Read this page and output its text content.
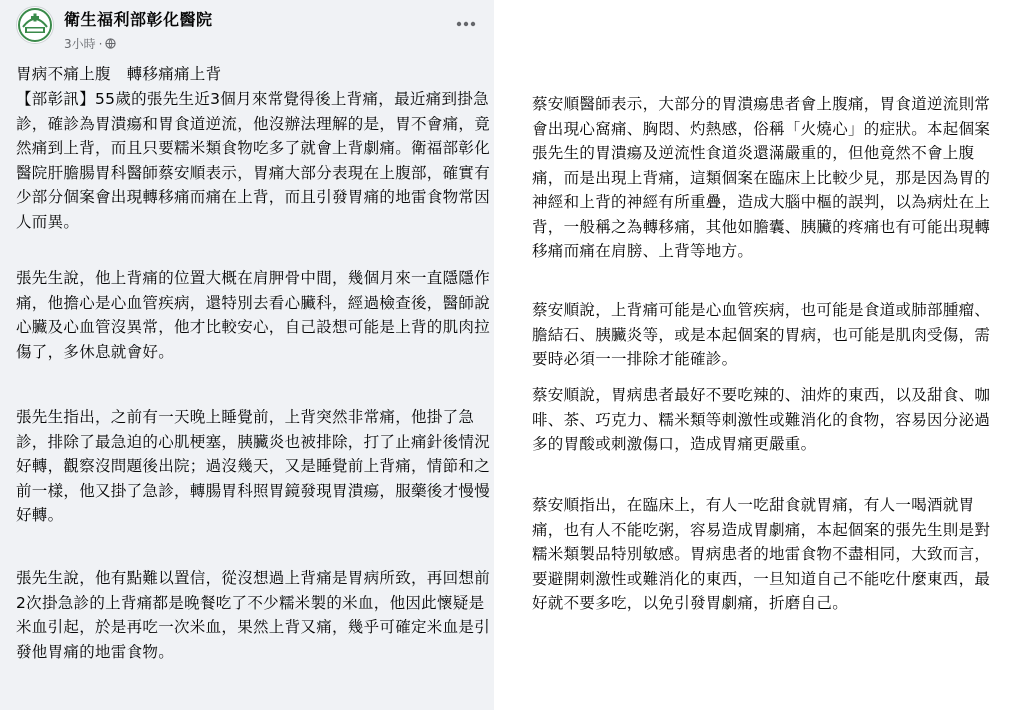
衛生福利部彰化醫院
3小時 ·

胃病不痛上腹　轉移痛痛上背

【部彰訊】55歲的張先生近3個月來常覺得後上背痛，最近痛到掛急診，確診為胃潰瘍和胃食道逆流，他沒辦法理解的是，胃不會痛，竟然痛到上背，而且只要糯米類食物吃多了就會上背劇痛。衛福部彰化醫院肝膽腸胃科醫師蔡安順表示，胃痛大部分表現在上腹部，確實有少部分個案會出現轉移痛而痛在上背，而且引發胃痛的地雷食物常因人而異。

張先生說，他上背痛的位置大概在肩胛骨中間，幾個月來一直隱隱作痛，他擔心是心血管疾病，還特別去看心臟科，經過檢查後，醫師說心臟及心血管沒異常，他才比較安心，自己設想可能是上背的肌肉拉傷了，多休息就會好。

張先生指出，之前有一天晚上睡覺前，上背突然非常痛，他掛了急診，排除了最急迫的心肌梗塞，胰臟炎也被排除，打了止痛針後情況好轉，觀察沒問題後出院；過沒幾天，又是睡覺前上背痛，情節和之前一樣，他又掛了急診，轉腸胃科照胃鏡發現胃潰瘍，服藥後才慢慢好轉。

張先生說，他有點難以置信，從沒想過上背痛是胃病所致，再回想前2次掛急診的上背痛都是晚餐吃了不少糯米製的米血，他因此懷疑是米血引起，於是再吃一次米血，果然上背又痛，幾乎可確定米血是引發他胃痛的地雷食物。

蔡安順醫師表示，大部分的胃潰瘍患者會上腹痛，胃食道逆流則常會出現心窩痛、胸悶、灼熱感，俗稱「火燒心」的症狀。本起個案張先生的胃潰瘍及逆流性食道炎還滿嚴重的，但他竟然不會上腹痛，而是出現上背痛，這類個案在臨床上比較少見，那是因為胃的神經和上背的神經有所重疊，造成大腦中樞的誤判，以為病灶在上背，一般稱之為轉移痛，其他如膽囊、胰臟的疼痛也有可能出現轉移痛而痛在肩膀、上背等地方。

蔡安順說，上背痛可能是心血管疾病，也可能是食道或肺部腫瘤、膽結石、胰臟炎等，或是本起個案的胃病，也可能是肌肉受傷，需要時必須一一排除才能確診。

蔡安順說，胃病患者最好不要吃辣的、油炸的東西，以及甜食、咖啡、茶、巧克力、糯米類等刺激性或難消化的食物，容易因分泌過多的胃酸或刺激傷口，造成胃痛更嚴重。

蔡安順指出，在臨床上，有人一吃甜食就胃痛，有人一喝酒就胃痛，也有人不能吃粥，容易造成胃劇痛，本起個案的張先生則是對糯米類製品特別敏感。胃病患者的地雷食物不盡相同，大致而言，要避開刺激性或難消化的東西，一旦知道自己不能吃什麼東西，最好就不要多吃，以免引發胃劇痛，折磨自己。
